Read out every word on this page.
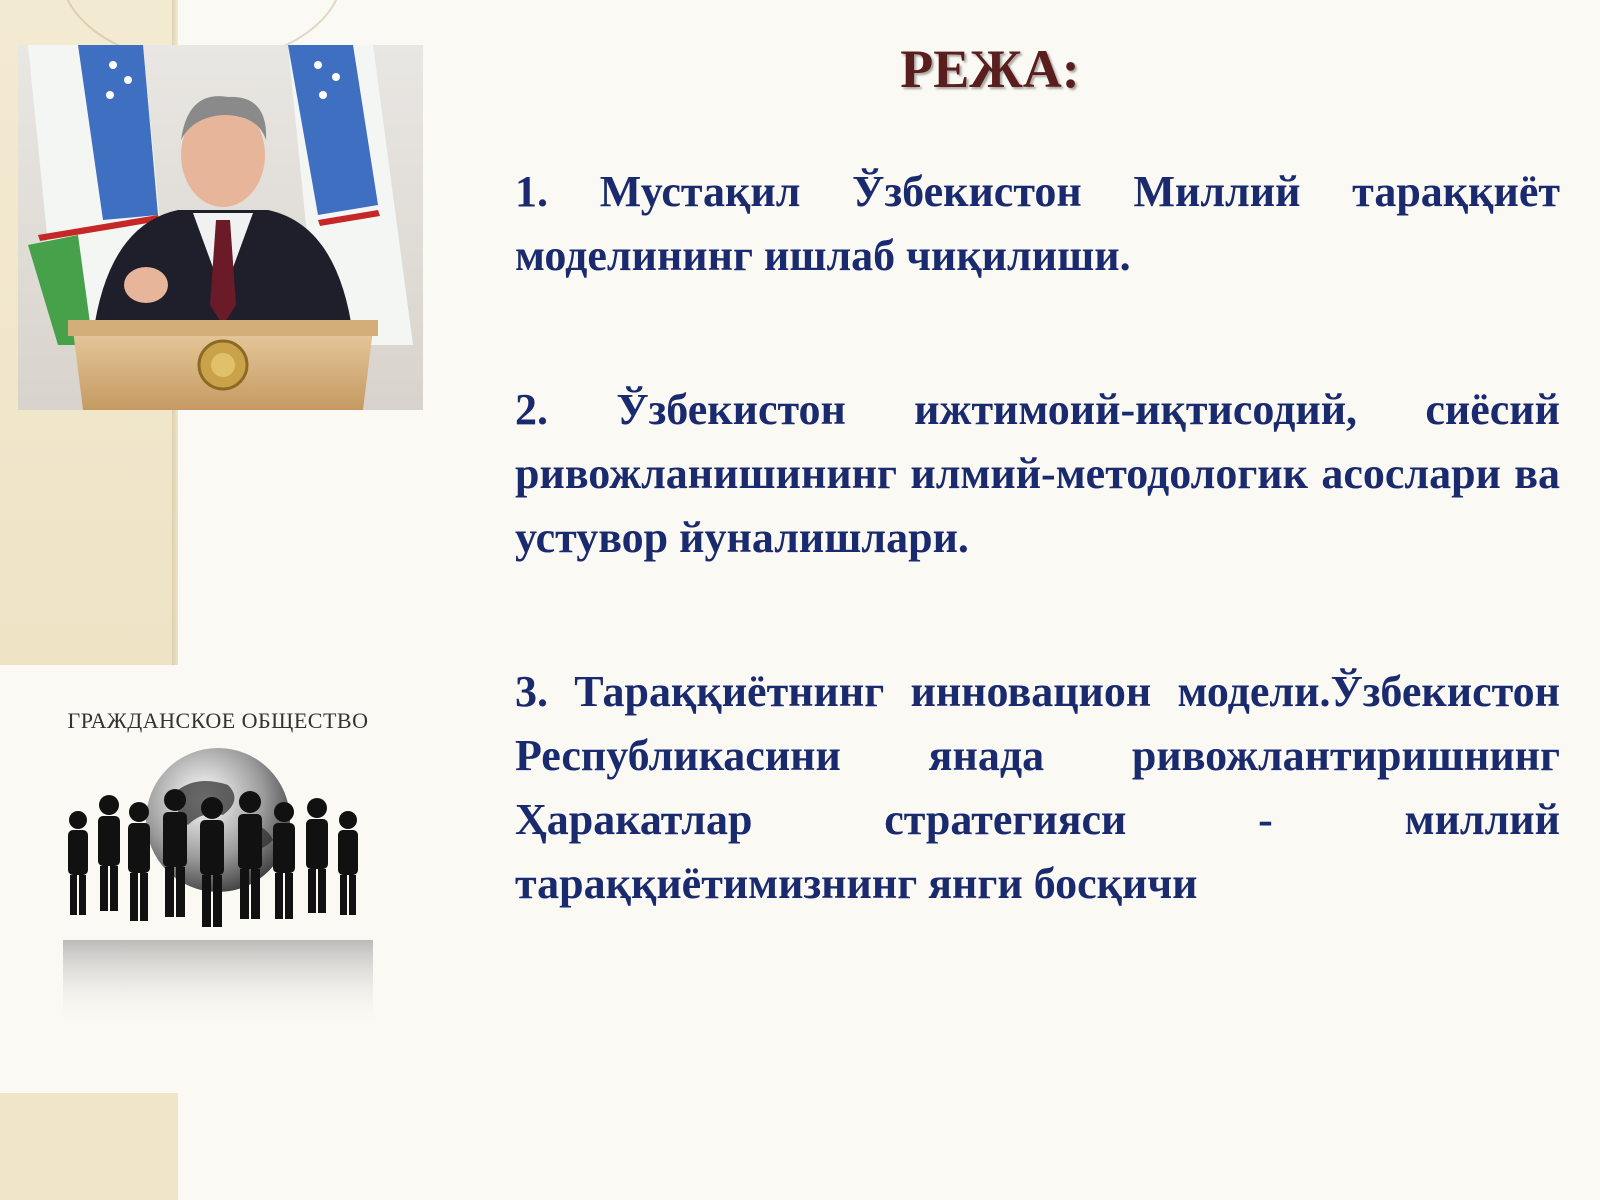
ГРАЖДАНСКОЕ ОБЩЕСТВО
РЕЖА:

1. Мустақил Ўзбекистон Миллий тараққиёт моделининг ишлаб чиқилиши.

2. Ўзбекистон ижтимоий-иқтисодий, сиёсий ривожланишининг илмий-методологик асослари ва устувор йуналишлари.

3. Тараққиётнинг инновацион модели.Ўзбекистон Республикасини янада ривожлантиришнинг Ҳаракатлар стратегияси - миллий тараққиётимизнинг янги босқичи
